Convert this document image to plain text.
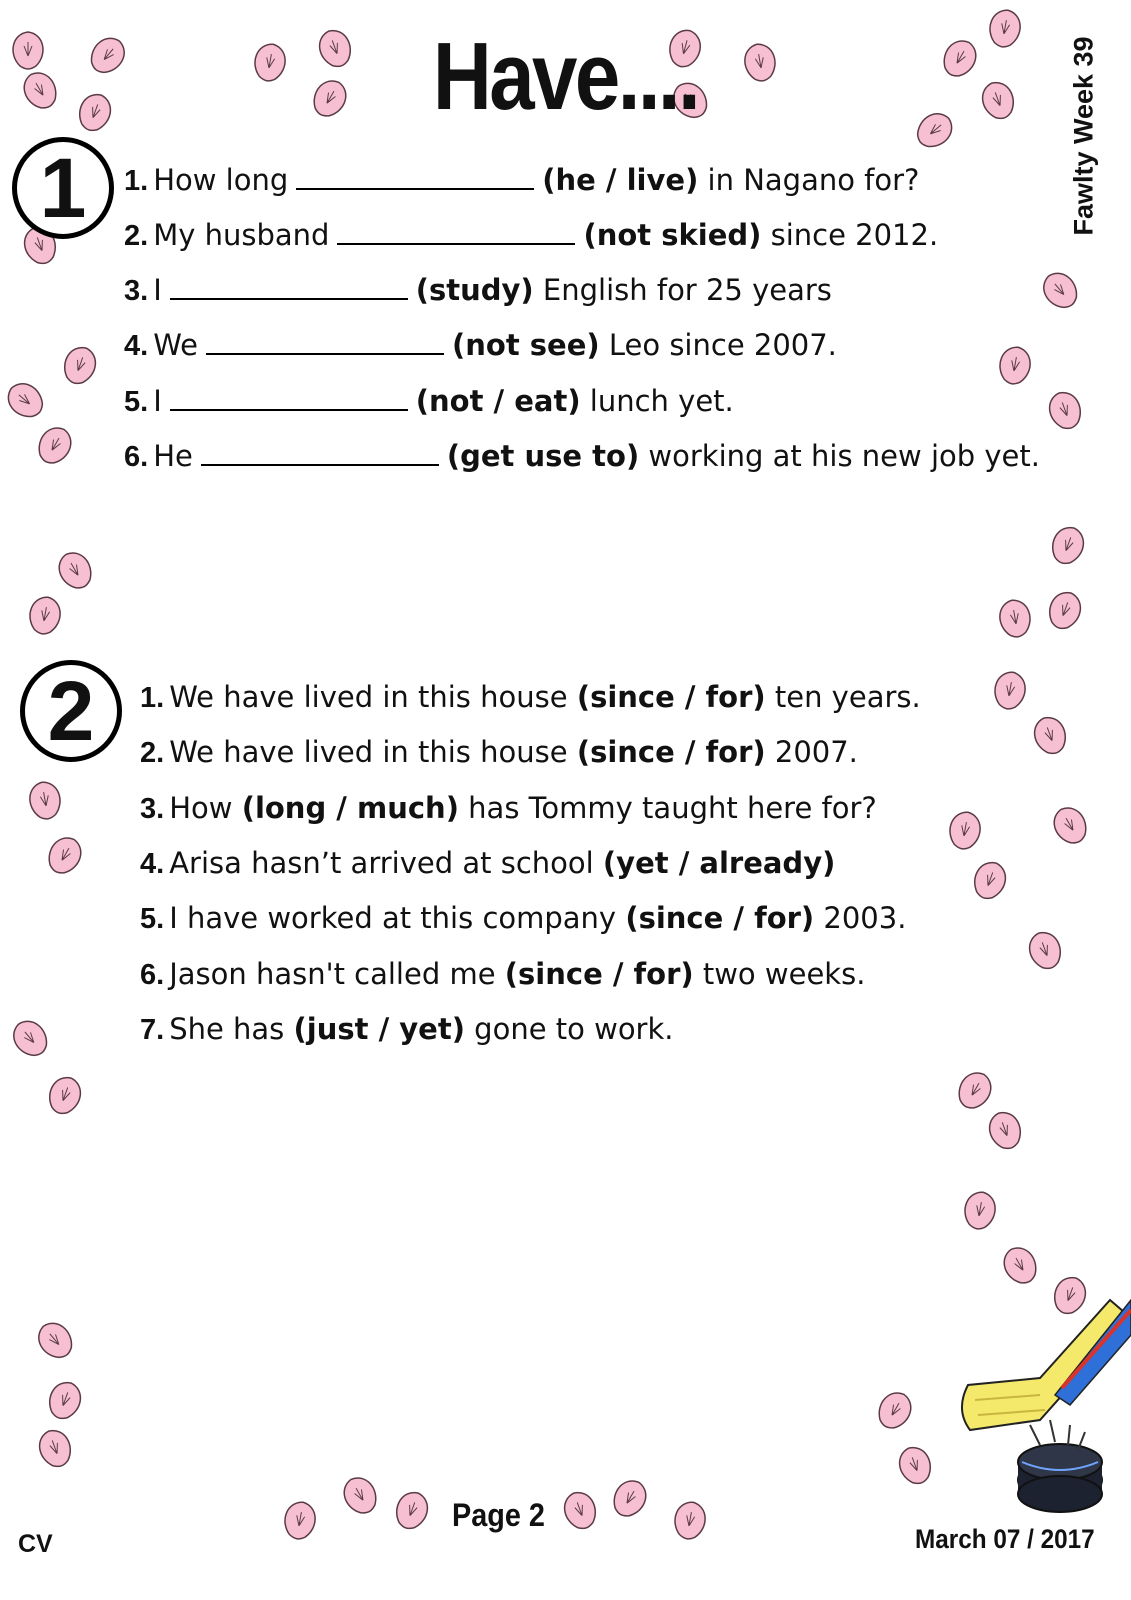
Have....	Fawlty Week 39
1	1. How long	(he / live) in Nagano for?
2. My husband	(not skied) since 2012.
3. I	(study) English for 25 years
4. We	(not see) Leo since 2007.
5. I	(not / eat) lunch yet.
6. He	(get use to) working at his new job yet.
2	1. We have lived in this house (since / for) ten years.
2. We have lived in this house (since / for) 2007.
3. How (long / much) has Tommy taught here for?
4. Arisa hasn’t arrived at school (yet / already)
5. I have worked at this company (since / for) 2003.
6. Jason hasn't called me (since / for) two weeks.
7. She has (just / yet) gone to work.
Page 2
CV	March 07 / 2017
